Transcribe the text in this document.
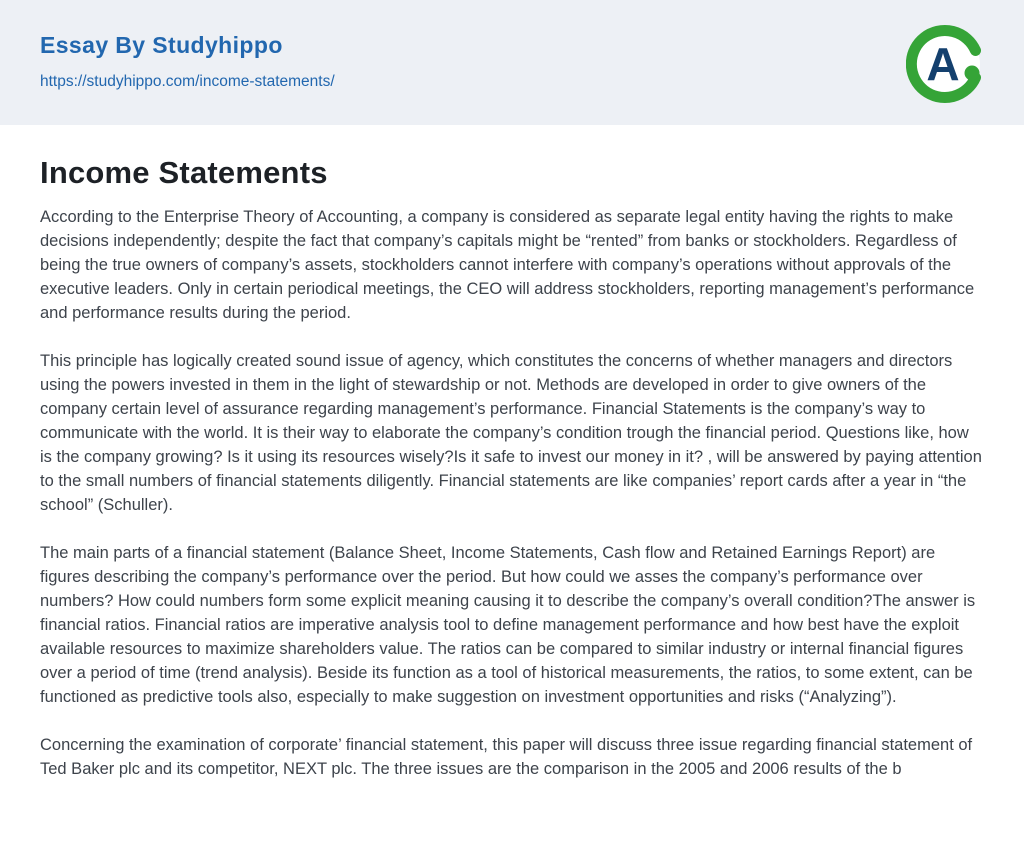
Essay By Studyhippo
https://studyhippo.com/income-statements/	A
Income Statements

According to the Enterprise Theory of Accounting, a company is considered as separate legal entity having the rights to make decisions independently; despite the fact that company’s capitals might be “rented” from banks or stockholders. Regardless of being the true owners of company’s assets, stockholders cannot interfere with company’s operations without approvals of the executive leaders. Only in certain periodical meetings, the CEO will address stockholders, reporting management’s performance and performance results during the period.

This principle has logically created sound issue of agency, which constitutes the concerns of whether managers and directors using the powers invested in them in the light of stewardship or not. Methods are developed in order to give owners of the company certain level of assurance regarding management’s performance. Financial Statements is the company’s way to communicate with the world. It is their way to elaborate the company’s condition trough the financial period. Questions like, how is the company growing? Is it using its resources wisely?Is it safe to invest our money in it? , will be answered by paying attention to the small numbers of financial statements diligently. Financial statements are like companies’ report cards after a year in “the school” (Schuller).

The main parts of a financial statement (Balance Sheet, Income Statements, Cash flow and Retained Earnings Report) are figures describing the company’s performance over the period. But how could we asses the company’s performance over numbers? How could numbers form some explicit meaning causing it to describe the company’s overall condition?The answer is financial ratios. Financial ratios are imperative analysis tool to define management performance and how best have the exploit available resources to maximize shareholders value. The ratios can be compared to similar industry or internal financial figures over a period of time (trend analysis). Beside its function as a tool of historical measurements, the ratios, to some extent, can be functioned as predictive tools also, especially to make suggestion on investment opportunities and risks (“Analyzing”).

Concerning the examination of corporate’ financial statement, this paper will discuss three issue regarding financial statement of Ted Baker plc and its competitor, NEXT plc. The three issues are the comparison in the 2005 and 2006 results of the b
